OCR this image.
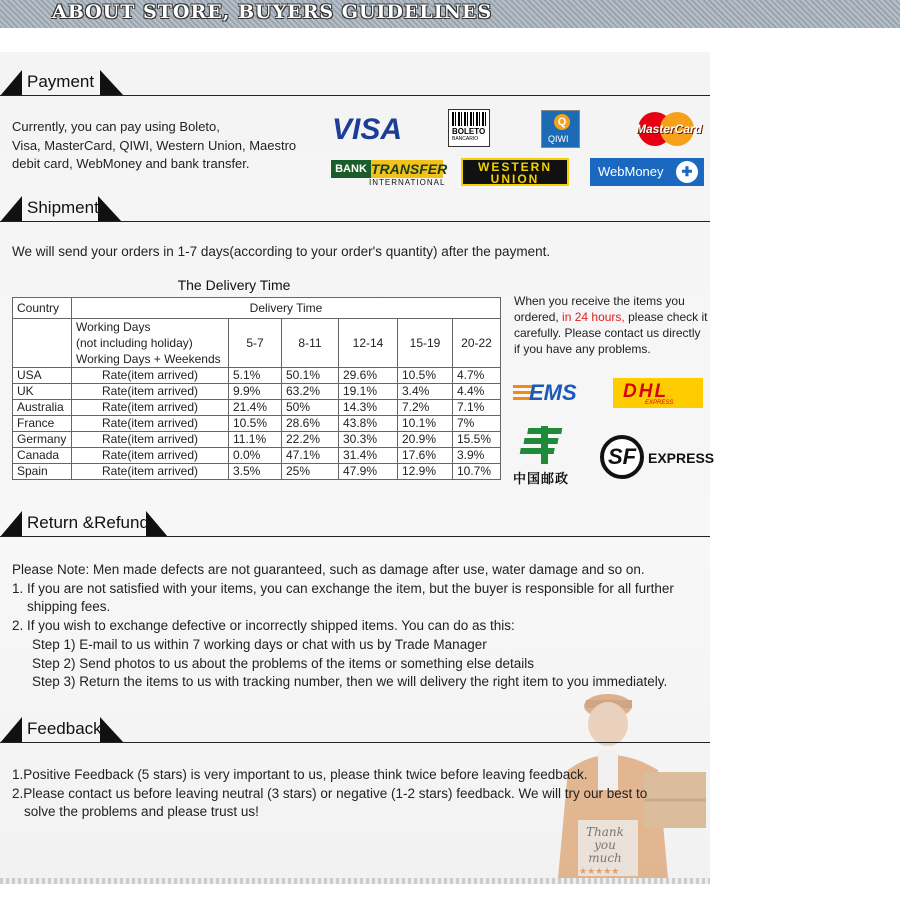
ABOUT STORE, BUYERS GUIDELINES
Payment

Currently, you can pay using Boleto,

Visa, MasterCard, QIWI, Western Union, Maestro

debit card, WebMoney and bank transfer.

VISA	BOLETO
BANCARIO
Q
QIWI
MasterCard
BANK TRANSFER
INTERNATIONAL
WESTERN
UNION	WebMoney	✚
Shipment
We will send your orders in 1-7 days(according to your order's quantity) after the payment.
The Delivery Time
Country	Delivery Time					

	Working Days
(not including holiday)
Working Days + Weekends	5-7	8-11	12-14	15-19	20-22
USA	Rate(item arrived)	5.1%	50.1%	29.6%	10.5%	4.7%
UK	Rate(item arrived)	9.9%	63.2%	19.1%	3.4%	4.4%
Australia	Rate(item arrived)	21.4%	50%	14.3%	7.2%	7.1%
France	Rate(item arrived)	10.5%	28.6%	43.8%	10.1%	7%
Germany	Rate(item arrived)	11.1%	22.2%	30.3%	20.9%	15.5%
Canada	Rate(item arrived)	0.0%	47.1%	31.4%	17.6%	3.9%
Spain	Rate(item arrived)	3.5%	25%	47.9%	12.9%	10.7%
When you receive the items you ordered, in 24 hours, please check it carefully. Please contact us directly if you have any problems.
EMS DHL
EXPRESS
中国邮政
SF EXPRESS
Return &Refund

Please Note: Men made defects are not guaranteed, such as damage after use, water damage and so on.

1. If you are not satisfied with your items, you can exchange the item, but the buyer is responsible for all further

shipping fees.

2. If you wish to exchange defective or incorrectly shipped items. You can do as this:

Step 1) E-mail to us within 7 working days or chat with us by Trade Manager

Step 2) Send photos to us about the problems of the items or something else details

Step 3) Return the items to us with tracking number, then we will delivery the right item to you immediately.

Thank
you
much
★★★★★
Feedback

1.Positive Feedback (5 stars) is very important to us, please think twice before leaving feedback.

2.Please contact us before leaving neutral (3 stars) or negative (1-2 stars) feedback. We will try our best to

solve the problems and please trust us!
